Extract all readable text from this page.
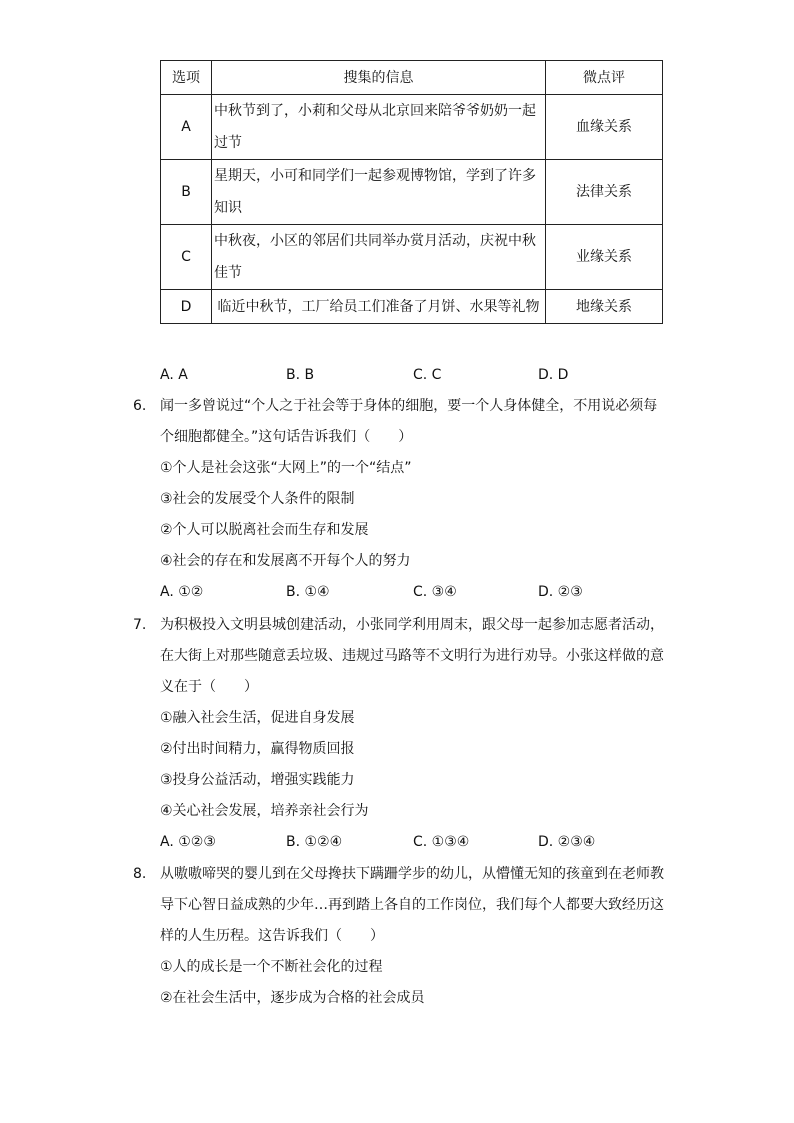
选项	搜集的信息	微点评
A	中秋节到了，小莉和父母从北京回来陪爷爷奶奶一起过节	血缘关系
B	星期天，小可和同学们一起参观博物馆，学到了许多知识	法律关系
C	中秋夜，小区的邻居们共同举办赏月活动，庆祝中秋佳节	业缘关系
D	临近中秋节，工厂给员工们准备了月饼、水果等礼物	地缘关系
A. A	B. B	C. C	D. D
6. 闻一多曾说过“个人之于社会等于身体的细胞，要一个人身体健全，不用说必须每
个细胞都健全。”这句话告诉我们（　　）
①个人是社会这张“大网上”的一个“结点”
③社会的发展受个人条件的限制
②个人可以脱离社会而生存和发展
④社会的存在和发展离不开每个人的努力
A. ①②	B. ①④	C. ③④	D. ②③
7. 为积极投入文明县城创建活动，小张同学利用周末，跟父母一起参加志愿者活动，
在大街上对那些随意丢垃圾、违规过马路等不文明行为进行劝导。小张这样做的意
义在于（　　）
①融入社会生活，促进自身发展
②付出时间精力，赢得物质回报
③投身公益活动，增强实践能力
④关心社会发展，培养亲社会行为
A. ①②③	B. ①②④	C. ①③④	D. ②③④
8. 从嗷嗷啼哭的婴儿到在父母搀扶下蹒跚学步的幼儿，从懵懂无知的孩童到在老师教
导下心智日益成熟的少年…再到踏上各自的工作岗位，我们每个人都要大致经历这
样的人生历程。这告诉我们（　　）
①人的成长是一个不断社会化的过程
②在社会生活中，逐步成为合格的社会成员
